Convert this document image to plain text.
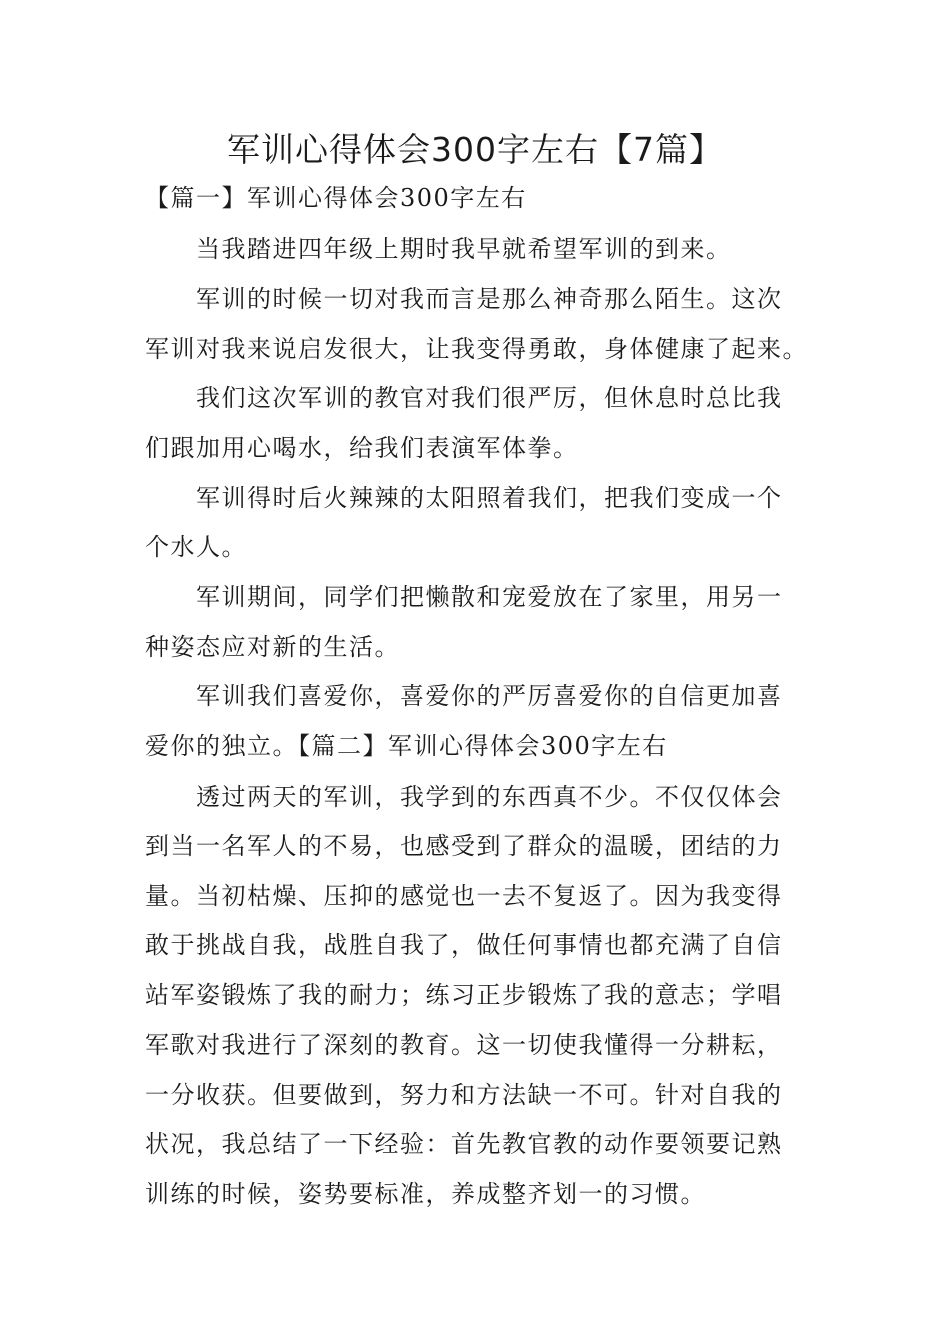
军训心得体会300字左右【7篇】
【篇一】军训心得体会300字左右
当我踏进四年级上期时我早就希望军训的到来。
军训的时候一切对我而言是那么神奇那么陌生。这次
军训对我来说启发很大，让我变得勇敢，身体健康了起来。
我们这次军训的教官对我们很严厉，但休息时总比我
们跟加用心喝水，给我们表演军体拳。
军训得时后火辣辣的太阳照着我们，把我们变成一个
个水人。
军训期间，同学们把懒散和宠爱放在了家里，用另一
种姿态应对新的生活。
军训我们喜爱你，喜爱你的严厉喜爱你的自信更加喜
爱你的独立。【篇二】军训心得体会300字左右
透过两天的军训，我学到的东西真不少。不仅仅体会
到当一名军人的不易，也感受到了群众的温暖，团结的力
量。当初枯燥、压抑的感觉也一去不复返了。因为我变得
敢于挑战自我，战胜自我了，做任何事情也都充满了自信
站军姿锻炼了我的耐力；练习正步锻炼了我的意志；学唱
军歌对我进行了深刻的教育。这一切使我懂得一分耕耘，
一分收获。但要做到，努力和方法缺一不可。针对自我的
状况，我总结了一下经验：首先教官教的动作要领要记熟
训练的时候，姿势要标准，养成整齐划一的习惯。
